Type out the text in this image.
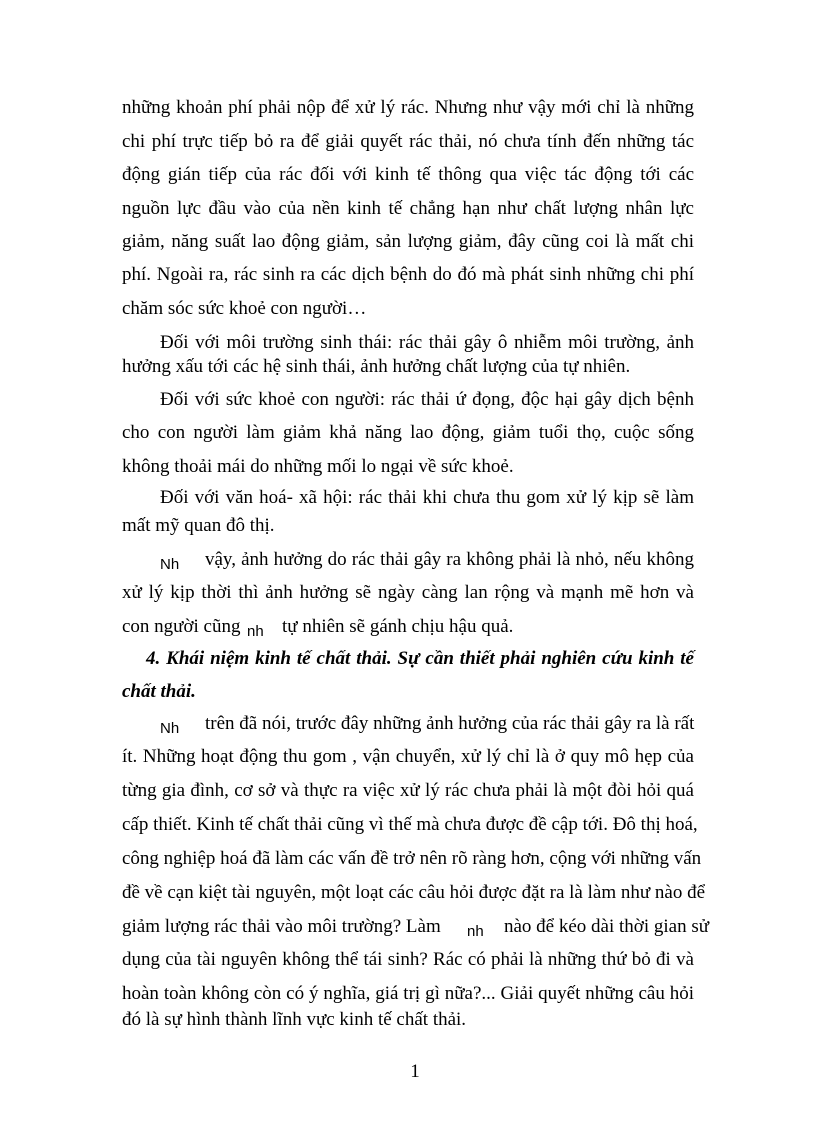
những khoản phí phải nộp để xử lý rác. Nhưng như vậy mới chỉ là những
chi phí trực tiếp bỏ ra để giải quyết rác thải, nó chưa tính đến những tác
động gián tiếp của rác đối với kinh tế thông qua việc tác động tới các
nguồn lực đầu vào của nền kinh tế chẳng hạn như chất lượng nhân lực
giảm, năng suất lao động giảm, sản lượng giảm, đây cũng coi là mất chi
phí. Ngoài ra, rác sinh ra các dịch bệnh do đó mà phát sinh những chi phí
chăm sóc sức khoẻ con người…
Đối với môi trường sinh thái: rác thải gây ô nhiễm môi trường, ảnh
hưởng xấu tới các hệ sinh thái, ảnh hưởng chất lượng của tự nhiên.
Đối với sức khoẻ con người: rác thải ứ đọng, độc hại gây dịch bệnh
cho con người làm giảm khả năng lao động, giảm tuổi thọ, cuộc sống
không thoải mái do những mối lo ngại về sức khoẻ.
Đối với văn hoá- xã hội: rác thải khi chưa thu gom xử lý kịp sẽ làm
mất mỹ quan đô thị.
$_{Nh}$ vậy, ảnh hưởng do rác thải gây ra không phải là nhỏ, nếu không
xử lý kịp thời thì ảnh hưởng sẽ ngày càng lan rộng và mạnh mẽ hơn và
con người cũng $_{nh}$ tự nhiên sẽ gánh chịu hậu quả.
4. Khái niệm kinh tế chất thải. Sự cần thiết phải nghiên cứu kinh tế
chất thải.
$_{Nh}$ trên đã nói, trước đây những ảnh hưởng của rác thải gây ra là rất
ít. Những hoạt động thu gom , vận chuyển, xử lý chỉ là ở quy mô hẹp của
từng gia đình, cơ sở và thực ra việc xử lý rác chưa phải là một đòi hỏi quá
cấp thiết. Kinh tế chất thải cũng vì thế mà chưa được đề cập tới. Đô thị hoá,
công nghiệp hoá đã làm các vấn đề trở nên rõ ràng hơn, cộng với những vấn
đề về cạn kiệt tài nguyên, một loạt các câu hỏi được đặt ra là làm như nào để
giảm lượng rác thải vào môi trường? Làm $_{nh}$ nào để kéo dài thời gian sử
dụng của tài nguyên không thể tái sinh? Rác có phải là những thứ bỏ đi và
hoàn toàn không còn có ý nghĩa, giá trị gì nữa?... Giải quyết những câu hỏi
đó là sự hình thành lĩnh vực kinh tế chất thải.
1
